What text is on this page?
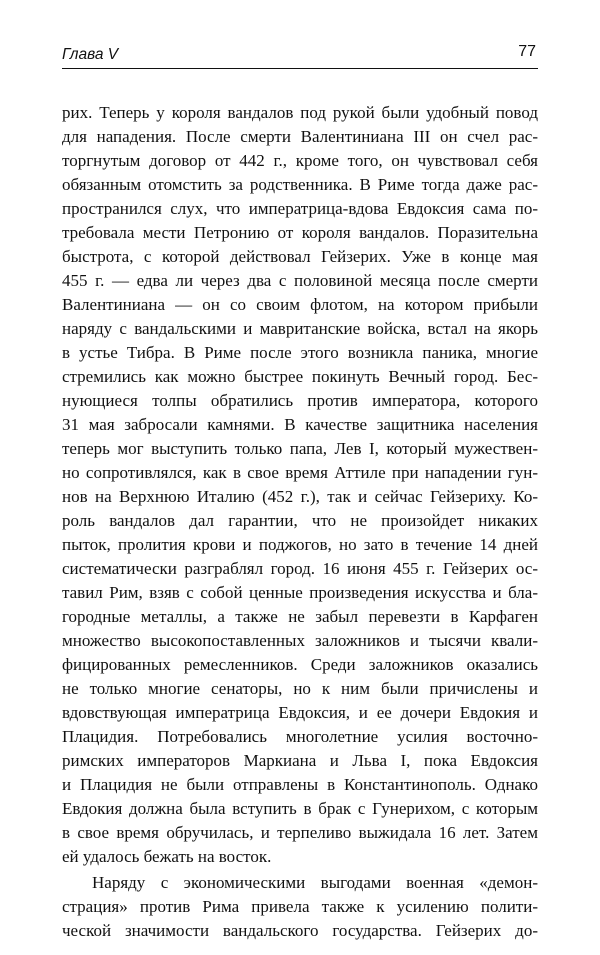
Глава V	77
рих. Теперь у короля вандалов под рукой были удобный повод
для нападения. После смерти Валентиниана III он счел рас-
торгнутым договор от 442 г., кроме того, он чувствовал себя
обязанным отомстить за родственника. В Риме тогда даже рас-
пространился слух, что императрица-вдова Евдоксия сама по-
требовала мести Петронию от короля вандалов. Поразительна
быстрота, с которой действовал Гейзерих. Уже в конце мая
455 г. — едва ли через два с половиной месяца после смерти
Валентиниана — он со своим флотом, на котором прибыли
наряду с вандальскими и мавританские войска, встал на якорь
в устье Тибра. В Риме после этого возникла паника, многие
стремились как можно быстрее покинуть Вечный город. Бес-
нующиеся толпы обратились против императора, которого
31 мая забросали камнями. В качестве защитника населения
теперь мог выступить только папа, Лев I, который мужествен-
но сопротивлялся, как в свое время Аттиле при нападении гун-
нов на Верхнюю Италию (452 г.), так и сейчас Гейзериху. Ко-
роль вандалов дал гарантии, что не произойдет никаких
пыток, пролития крови и поджогов, но зато в течение 14 дней
систематически разграблял город. 16 июня 455 г. Гейзерих ос-
тавил Рим, взяв с собой ценные произведения искусства и бла-
городные металлы, а также не забыл перевезти в Карфаген
множество высокопоставленных заложников и тысячи квали-
фицированных ремесленников. Среди заложников оказались
не только многие сенаторы, но к ним были причислены и
вдовствующая императрица Евдоксия, и ее дочери Евдокия и
Плацидия. Потребовались многолетние усилия восточно-
римских императоров Маркиана и Льва I, пока Евдоксия
и Плацидия не были отправлены в Константинополь. Однако
Евдокия должна была вступить в брак с Гунерихом, с которым
в свое время обручилась, и терпеливо выжидала 16 лет. Затем
ей удалось бежать на восток.
Наряду с экономическими выгодами военная «демон-
страция» против Рима привела также к усилению полити-
ческой значимости вандальского государства. Гейзерих до-
